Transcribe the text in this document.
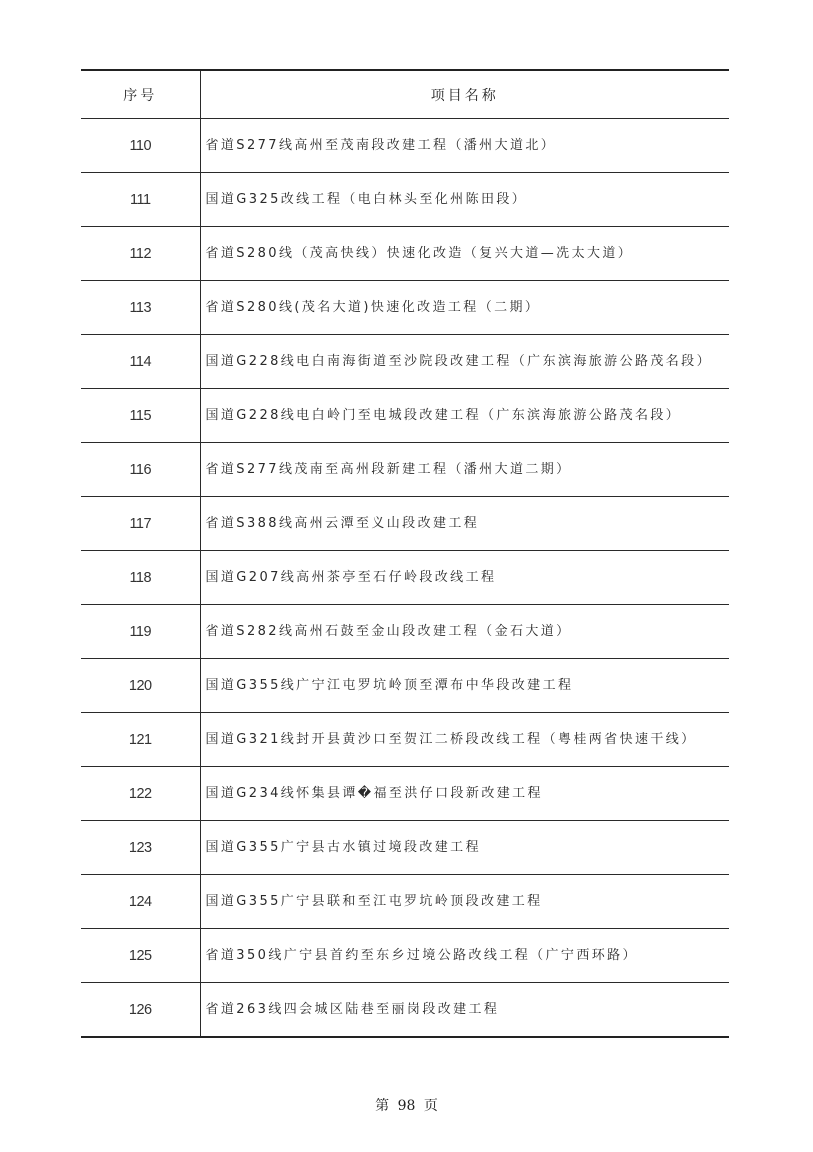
序号	项目名称
110	省道S277线高州至茂南段改建工程（潘州大道北）
111	国道G325改线工程（电白林头至化州陈田段）
112	省道S280线（茂高快线）快速化改造（复兴大道—冼太大道）
113	省道S280线(茂名大道)快速化改造工程（二期）
114	国道G228线电白南海街道至沙院段改建工程（广东滨海旅游公路茂名段）
115	国道G228线电白岭门至电城段改建工程（广东滨海旅游公路茂名段）
116	省道S277线茂南至高州段新建工程（潘州大道二期）
117	省道S388线高州云潭至义山段改建工程
118	国道G207线高州茶亭至石仔岭段改线工程
119	省道S282线高州石鼓至金山段改建工程（金石大道）
120	国道G355线广宁江屯罗坑岭顶至潭布中华段改建工程
121	国道G321线封开县黄沙口至贺江二桥段改线工程（粤桂两省快速干线）
122	国道G234线怀集县谭�福至洪仔口段新改建工程
123	国道G355广宁县古水镇过境段改建工程
124	国道G355广宁县联和至江屯罗坑岭顶段改建工程
125	省道350线广宁县首约至东乡过境公路改线工程（广宁西环路）
126	省道263线四会城区陆巷至丽岗段改建工程
第 98 页
